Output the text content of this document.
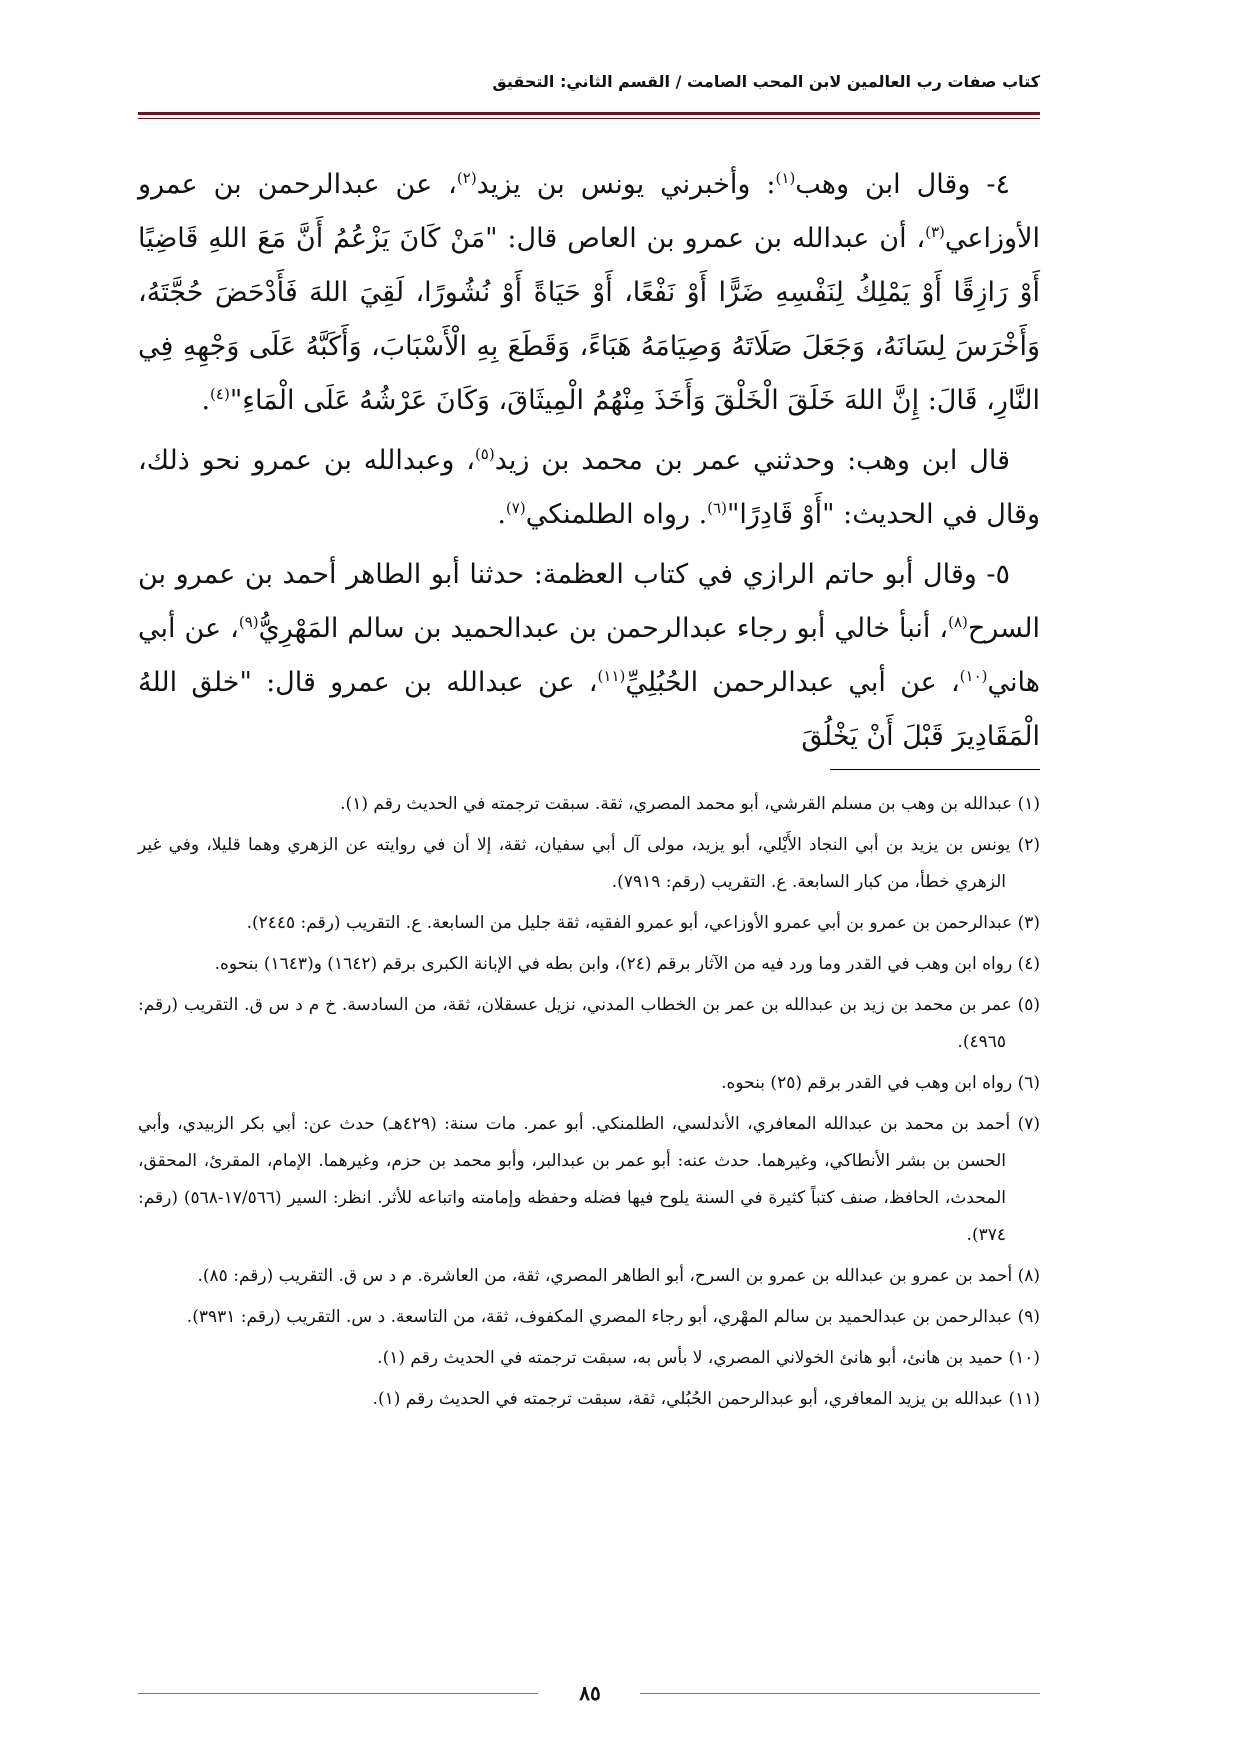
كتاب صفات رب العالمين لابن المحب الصامت / القسم الثاني: التحقيق

٤- وقال ابن وهب$^{(١)}$: وأخبرني يونس بن يزيد$^{(٢)}$، عن عبدالرحمن بن عمرو الأوزاعي$^{(٣)}$، أن عبدالله بن عمرو بن العاص قال: "مَنْ كَانَ يَزْعُمُ أَنَّ مَعَ اللهِ قَاضِيًا أَوْ رَازِقًا أَوْ يَمْلِكُ لِنَفْسِهِ ضَرًّا أَوْ نَفْعًا، أَوْ حَيَاةً أَوْ نُشُورًا، لَقِيَ اللهَ فَأَدْحَضَ حُجَّتَهُ، وَأَخْرَسَ لِسَانَهُ، وَجَعَلَ صَلَاتَهُ وَصِيَامَهُ هَبَاءً، وَقَطَعَ بِهِ الْأَسْبَابَ، وَأَكَبَّهُ عَلَى وَجْهِهِ فِي النَّارِ، قَالَ: إِنَّ اللهَ خَلَقَ الْخَلْقَ وَأَخَذَ مِنْهُمُ الْمِيثَاقَ، وَكَانَ عَرْشُهُ عَلَى الْمَاءِ"$^{(٤)}$.

قال ابن وهب: وحدثني عمر بن محمد بن زيد$^{(٥)}$، وعبدالله بن عمرو نحو ذلك، وقال في الحديث: "أَوْ قَادِرًا"$^{(٦)}$. رواه الطلمنكي$^{(٧)}$.

٥- وقال أبو حاتم الرازي في كتاب العظمة: حدثنا أبو الطاهر أحمد بن عمرو بن السرح$^{(٨)}$، أنبأ خالي أبو رجاء عبدالرحمن بن عبدالحميد بن سالم المَهْرِيُّ$^{(٩)}$، عن أبي هاني$^{(١٠)}$، عن أبي عبدالرحمن الحُبُلِيِّ$^{(١١)}$، عن عبدالله بن عمرو قال: "خلق اللهُ الْمَقَادِيرَ قَبْلَ أَنْ يَخْلُقَ

(١) عبدالله بن وهب بن مسلم القرشي، أبو محمد المصري، ثقة. سبقت ترجمته في الحديث رقم (١).
(٢) يونس بن يزيد بن أبي النجاد الأَيْلي، أبو يزيد، مولى آل أبي سفيان، ثقة، إلا أن في روايته عن الزهري وهما قليلا، وفي غير الزهري خطأ، من كبار السابعة. ع. التقريب (رقم: ٧٩١٩).
(٣) عبدالرحمن بن عمرو بن أبي عمرو الأوزاعي، أبو عمرو الفقيه، ثقة جليل من السابعة. ع. التقريب (رقم: ٢٤٤٥).
(٤) رواه ابن وهب في القدر وما ورد فيه من الآثار برقم (٢٤)، وابن بطه في الإبانة الكبرى برقم (١٦٤٢) و(١٦٤٣) بنحوه.
(٥) عمر بن محمد بن زيد بن عبدالله بن عمر بن الخطاب المدني، نزيل عسقلان، ثقة، من السادسة. خ م د س ق. التقريب (رقم: ٤٩٦٥).
(٦) رواه ابن وهب في القدر برقم (٢٥) بنحوه.
(٧) أحمد بن محمد بن عبدالله المعافري، الأندلسي، الطلمنكي. أبو عمر. مات سنة: (٤٢٩هـ) حدث عن: أبي بكر الزبيدي، وأبي الحسن بن بشر الأنطاكي، وغيرهما. حدث عنه: أبو عمر بن عبدالبر، وأبو محمد بن حزم، وغيرهما. الإمام، المقرئ، المحقق، المحدث، الحافظ، صنف كتباً كثيرة في السنة يلوح فيها فضله وحفظه وإمامته واتباعه للأثر. انظر: السير (١٧/٥٦٦-٥٦٨) (رقم: ٣٧٤).
(٨) أحمد بن عمرو بن عبدالله بن عمرو بن السرح، أبو الطاهر المصري، ثقة، من العاشرة. م د س ق. التقريب (رقم: ٨٥).
(٩) عبدالرحمن بن عبدالحميد بن سالم المهْري، أبو رجاء المصري المكفوف، ثقة، من التاسعة. د س. التقريب (رقم: ٣٩٣١).
(١٠) حميد بن هانئ، أبو هانئ الخولاني المصري، لا بأس به، سبقت ترجمته في الحديث رقم (١).
(١١) عبدالله بن يزيد المعافري، أبو عبدالرحمن الحُبُلي، ثقة، سبقت ترجمته في الحديث رقم (١).
٨٥
